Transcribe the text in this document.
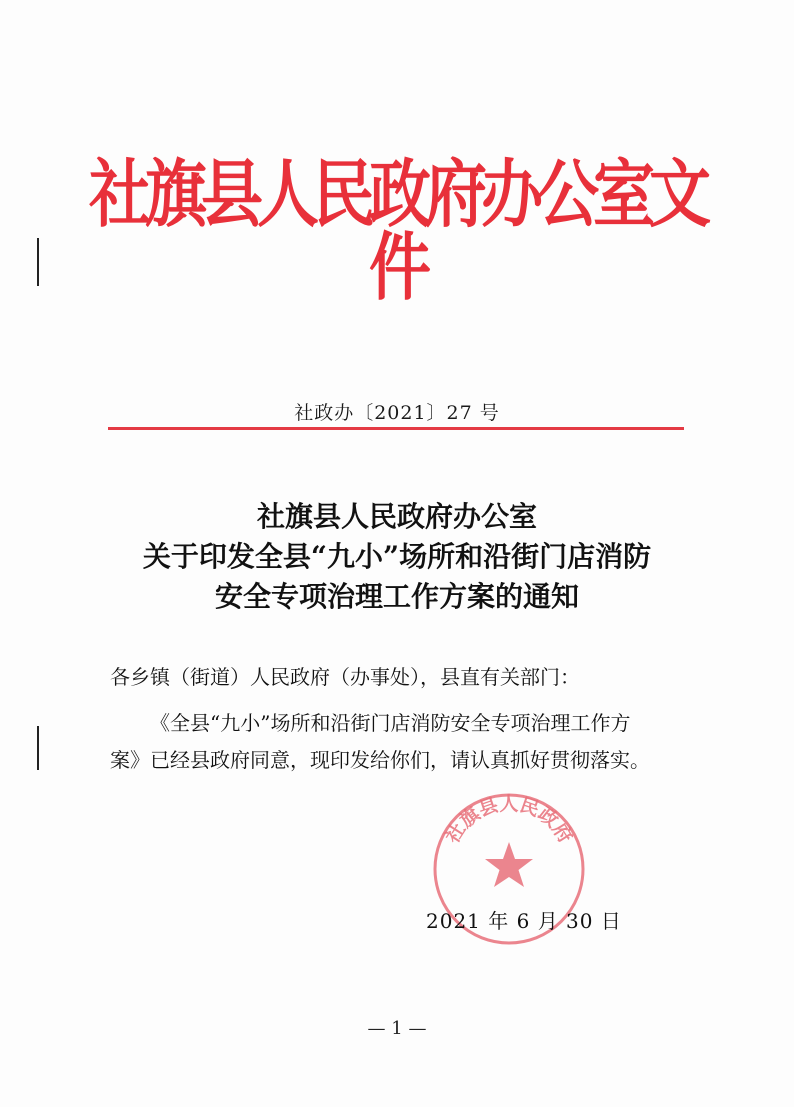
社旗县人民政府办公室文件
社政办〔2021〕27 号
社旗县人民政府办公室
关于印发全县“九小”场所和沿街门店消防
安全专项治理工作方案的通知
各乡镇（街道）人民政府（办事处），县直有关部门：
《全县“九小”场所和沿街门店消防安全专项治理工作方
案》已经县政府同意，现印发给你们，请认真抓好贯彻落实。
社旗县人民政府
2021 年 6 月 30 日
— 1 —
